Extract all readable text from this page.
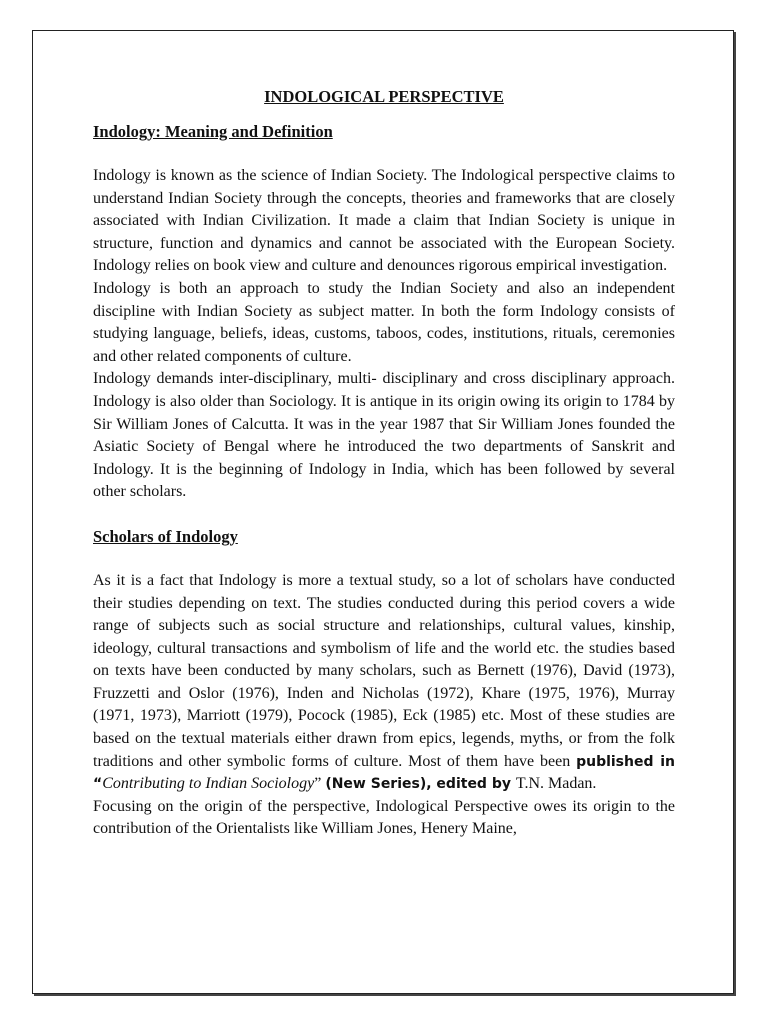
INDOLOGICAL PERSPECTIVE
Indology: Meaning and Definition

Indology is known as the science of Indian Society. The Indological perspective claims to understand Indian Society through the concepts, theories and frameworks that are closely associated with Indian Civilization. It made a claim that Indian Society is unique in structure, function and dynamics and cannot be associated with the European Society. Indology relies on book view and culture and denounces rigorous empirical investigation.

Indology is both an approach to study the Indian Society and also an independent discipline with Indian Society as subject matter. In both the form Indology consists of studying language, beliefs, ideas, customs, taboos, codes, institutions, rituals, ceremonies and other related components of culture.

Indology demands inter-disciplinary, multi- disciplinary and cross disciplinary approach. Indology is also older than Sociology. It is antique in its origin owing its origin to 1784 by Sir William Jones of Calcutta. It was in the year 1987 that Sir William Jones founded the Asiatic Society of Bengal where he introduced the two departments of Sanskrit and Indology. It is the beginning of Indology in India, which has been followed by several other scholars.

Scholars of Indology

As it is a fact that Indology is more a textual study, so a lot of scholars have conducted their studies depending on text. The studies conducted during this period covers a wide range of subjects such as social structure and relationships, cultural values, kinship, ideology, cultural transactions and symbolism of life and the world etc. the studies based on texts have been conducted by many scholars, such as Bernett (1976), David (1973), Fruzzetti and Oslor (1976), Inden and Nicholas (1972), Khare (1975, 1976), Murray (1971, 1973), Marriott (1979), Pocock (1985), Eck (1985) etc. Most of these studies are based on the textual materials either drawn from epics, legends, myths, or from the folk traditions and other symbolic forms of culture. Most of them have been published in “Contributing to Indian Sociology” (New Series), edited by T.N. Madan.

Focusing on the origin of the perspective, Indological Perspective owes its origin to the contribution of the Orientalists like William Jones, Henery Maine,
